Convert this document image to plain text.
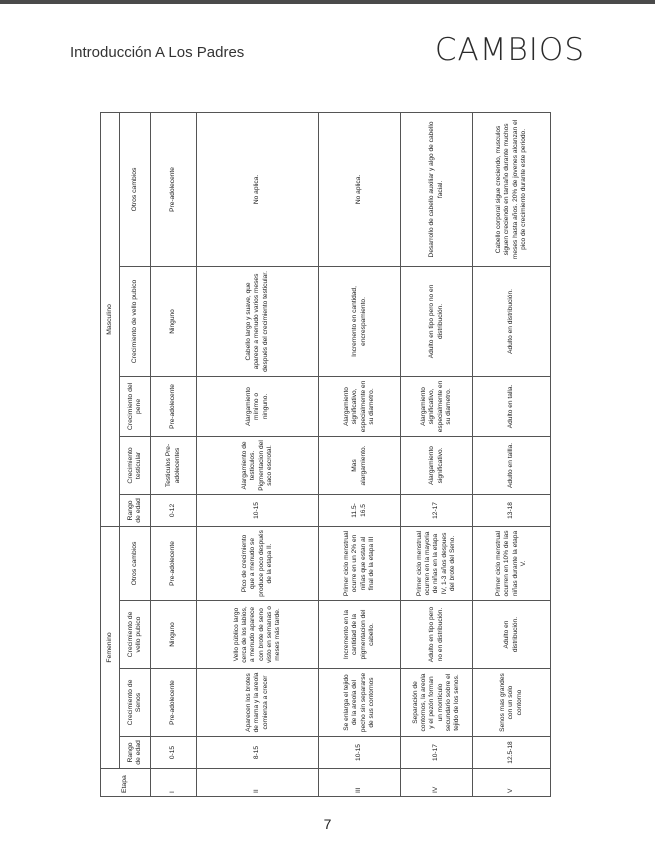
Introducción A Los Padres	CAMBIOS
Etapa	Femenino				Masculino				
	Rango de edad	Crecimiento de Senos	Crecimiento de vello pubico	Otros cambios	Rango de edad	Crecimiento testicular	Crecimiento del pene	Crecimiento de vello pubico	Otros cambios
I	0-15	Pre-adolecente	Ninguno	Pre-adolecente	0-12	Testiculos Pre-adolecentes	Pre-adolecente	Ninguno	Pre-adolecente
II	8-15	Aparecen los brotes de mama y la areola comienza a crecer	Vello público largo cerca de los labios, a menudo aparece con brote de seno visto en semanas o meses más tarde.	Pico de crecimiento que a menudo se produce poco después de la etapa II.	10-15	Alargamiento de testiculos. Pigmentacion del saco escrotal.	Alargamiento mínimo o ninguno.	Cabello largo y suave, que aparece a menudo varios meses después del crecimiento testicular.	No aplica.
III	10-15	Se enlarga el tejido de la areola del pecho sin separarse de sus contornos	Incremento en la cantidad de la pigmentacion del cabello.	Primer ciclo menstrual ocurre en un 2% en niñas que estan al final de la etapa III	11.5-16.5	Mas alargamiento.	Alargamiento significativo, especialmente en su diametro.	Incremento en cantidad, encrespamiento.	No aplica.
IV	10-17	Separación de contornos, la areola y el pezón forman un montículo secundario sobre el tejido de los senos.	Adulto en tipo pero no en distribución.	Primer ciclo menstrual ocurren en la mayoria de niñas en la etapa IV, 1-3 años despues del brote del Seno.	12-17	Alargamiento significativo.	Alargamiento significativo, especialmente en su diametro.	Adulto en tipo pero no en distribución.	Desarrollo de cabello auxiliar y algo de cabello facial.
V	12.5-18	Senos mas grandes con un solo contorno	Adulto en distribución.	Primer ciclo menstrual ocurren en 10% de las niñas durante la etapa V.	13-18	Adulto en tallla.	Adulto en talla.	Adulto en distribución.	Cabello corporal sigue creciendo, musculos siguen creciendo en tamaño durante muchos meses hasta años. 20% de jovenes alcanzan el pico de crecimiento durante este periodo.
7
